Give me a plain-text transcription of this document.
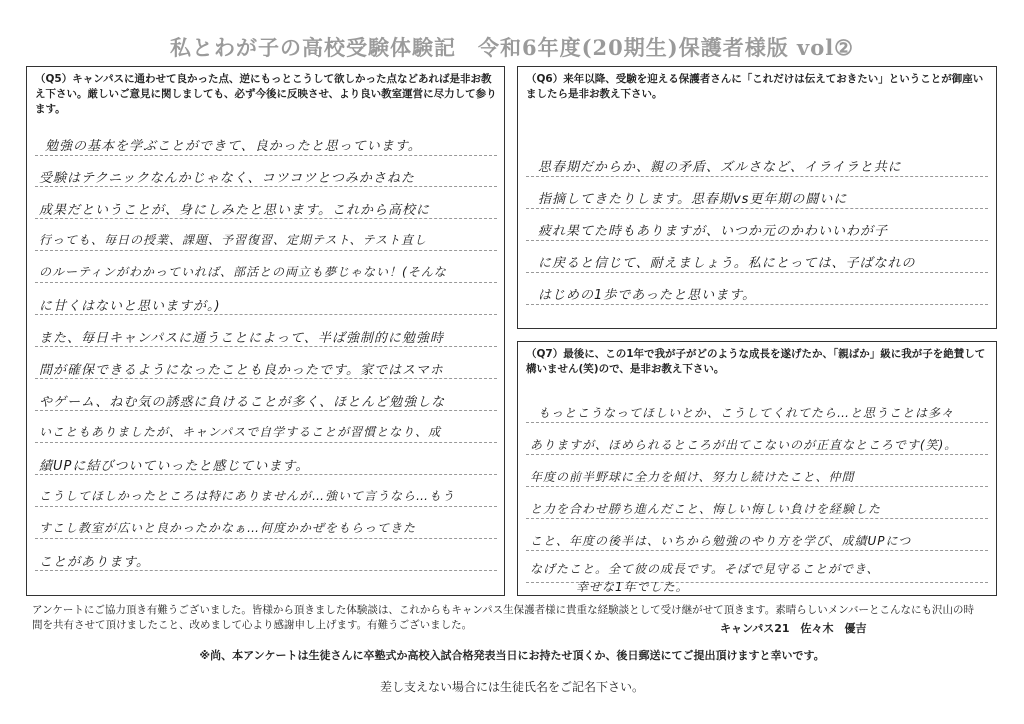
私とわが子の高校受験体験記　令和6年度(20期生)保護者様版 vol②
（Q5）キャンパスに通わせて良かった点、逆にもっとこうして欲しかった点などあれば是非お教え下さい。厳しいご意見に関しましても、必ず今後に反映させ、より良い教室運営に尽力して参ります。
勉強の基本を学ぶことができて、良かったと思っています。
受験はテクニックなんかじゃなく、コツコツとつみかさねた
成果だということが、身にしみたと思います。これから高校に
行っても、毎日の授業、課題、予習復習、定期テスト、テスト直し
のルーティンがわかっていれば、部活との両立も夢じゃない！(そんな
に甘くはないと思いますが。)
また、毎日キャンパスに通うことによって、半ば強制的に勉強時
間が確保できるようになったことも良かったです。家ではスマホ
やゲーム、ねむ気の誘惑に負けることが多く、ほとんど勉強しな
いこともありましたが、キャンパスで自学することが習慣となり、成
績UPに結びついていったと感じています。
こうしてほしかったところは特にありませんが…強いて言うなら…もう
すこし教室が広いと良かったかなぁ…何度かかぜをもらってきた
ことがあります。
（Q6）来年以降、受験を迎える保護者さんに「これだけは伝えておきたい」ということが御座いましたら是非お教え下さい。
思春期だからか、親の矛盾、ズルさなど、イライラと共に
指摘してきたりします。思春期vs更年期の闘いに
疲れ果てた時もありますが、いつか元のかわいいわが子
に戻ると信じて、耐えましょう。私にとっては、子ばなれの
はじめの1歩であったと思います。
（Q7）最後に、この1年で我が子がどのような成長を遂げたか、「親ばか」級に我が子を絶賛して構いません(笑)ので、是非お教え下さい。
もっとこうなってほしいとか、こうしてくれてたら…と思うことは多々
ありますが、ほめられるところが出てこないのが正直なところです(笑)。
年度の前半野球に全力を傾け、努力し続けたこと、仲間
と力を合わせ勝ち進んだこと、悔しい悔しい負けを経験した
こと、年度の後半は、いちから勉強のやり方を学び、成績UPにつ
なげたこと。全て彼の成長です。そばで見守ることができ、
幸せな1年でした。
アンケートにご協力頂き有難うございました。皆様から頂きました体験談は、これからもキャンパス生保護者様に貴重な経験談として受け継がせて頂きます。素晴らしいメンバーとこんなにも沢山の時間を共有させて頂けましたこと、改めまして心より感謝申し上げます。有難うございました。	キャンパス21　佐々木　優吉
※尚、本アンケートは生徒さんに卒塾式か高校入試合格発表当日にお持たせ頂くか、後日郵送にてご提出頂けますと幸いです。
差し支えない場合には生徒氏名をご記名下さい。
